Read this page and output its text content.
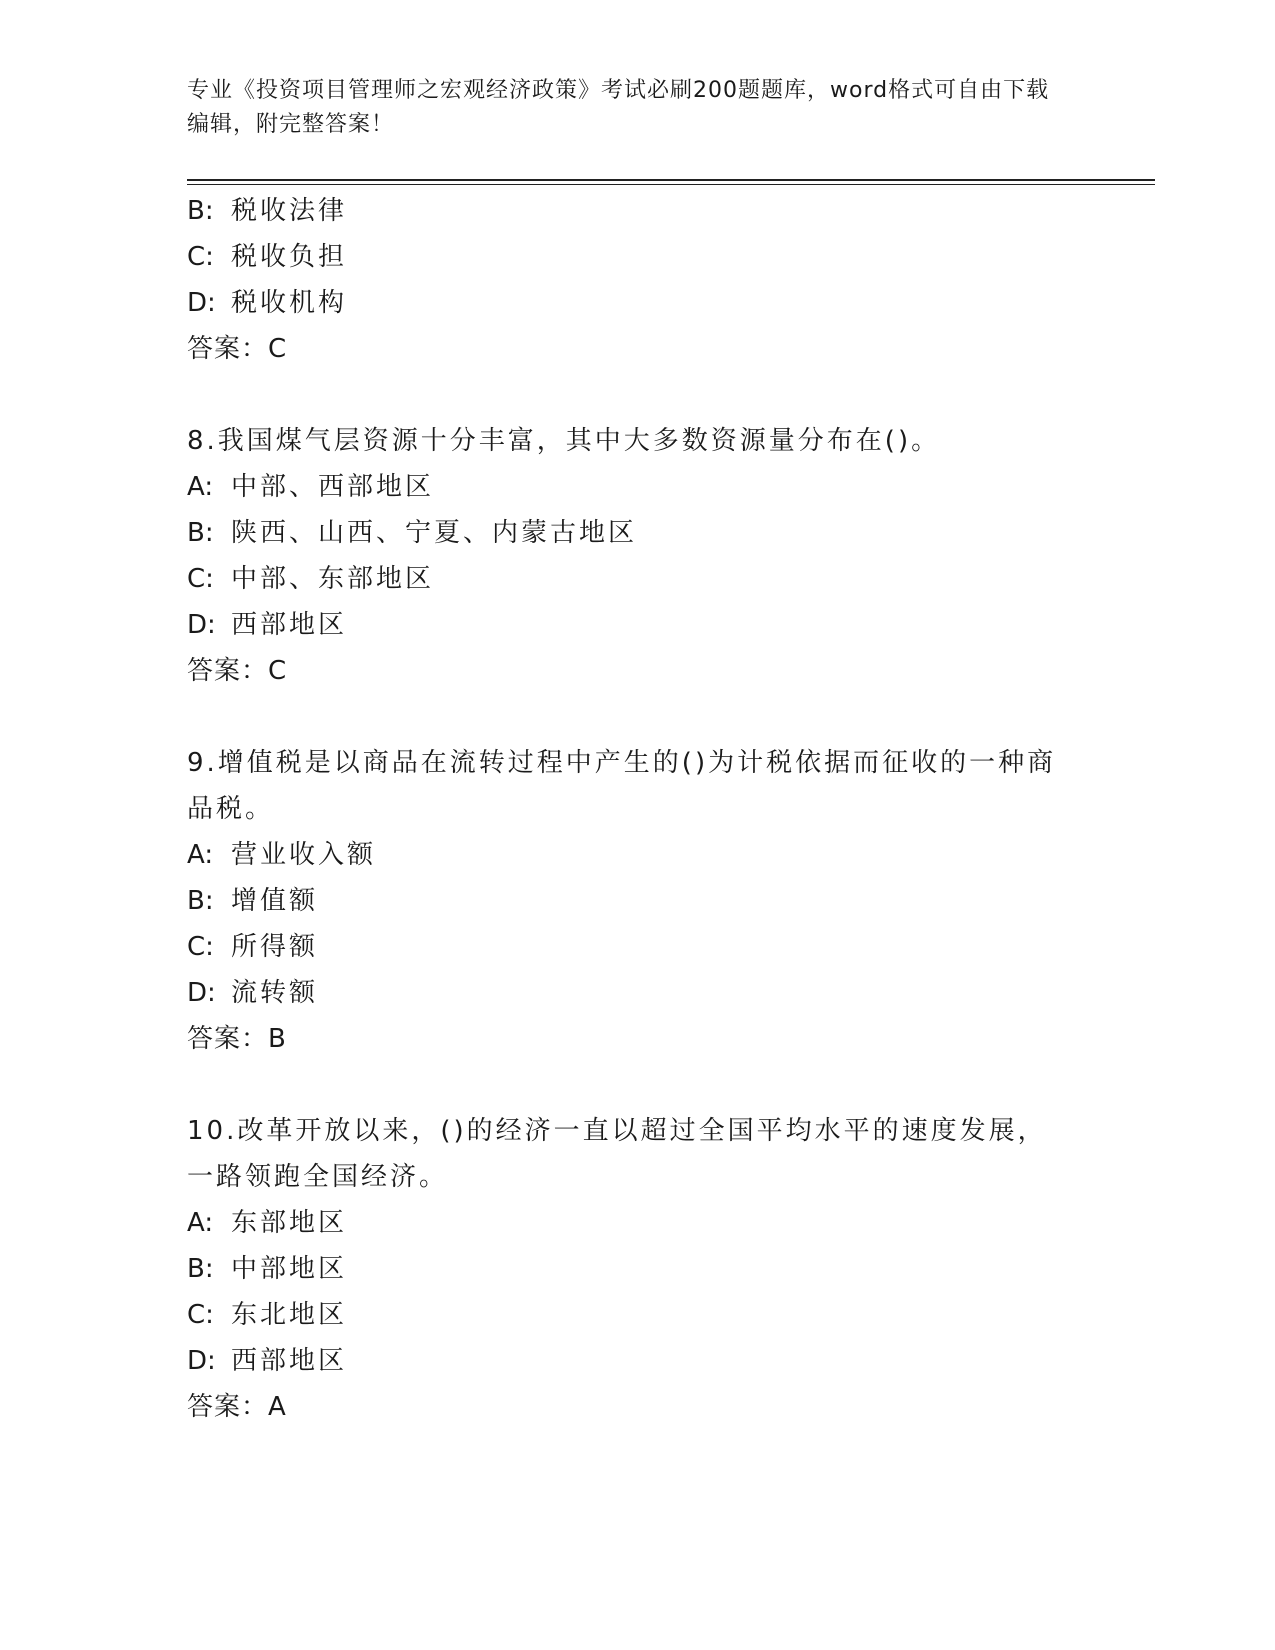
专业《投资项目管理师之宏观经济政策》考试必刷200题题库，word格式可自由下载编辑，附完整答案！
B: 税收法律
C: 税收负担
D: 税收机构
答案：C
8.我国煤气层资源十分丰富，其中大多数资源量分布在()。
A: 中部、西部地区
B: 陕西、山西、宁夏、内蒙古地区
C: 中部、东部地区
D: 西部地区
答案：C
9.增值税是以商品在流转过程中产生的()为计税依据而征收的一种商品税。
A: 营业收入额
B: 增值额
C: 所得额
D: 流转额
答案：B
10.改革开放以来，()的经济一直以超过全国平均水平的速度发展，一路领跑全国经济。
A: 东部地区
B: 中部地区
C: 东北地区
D: 西部地区
答案：A
